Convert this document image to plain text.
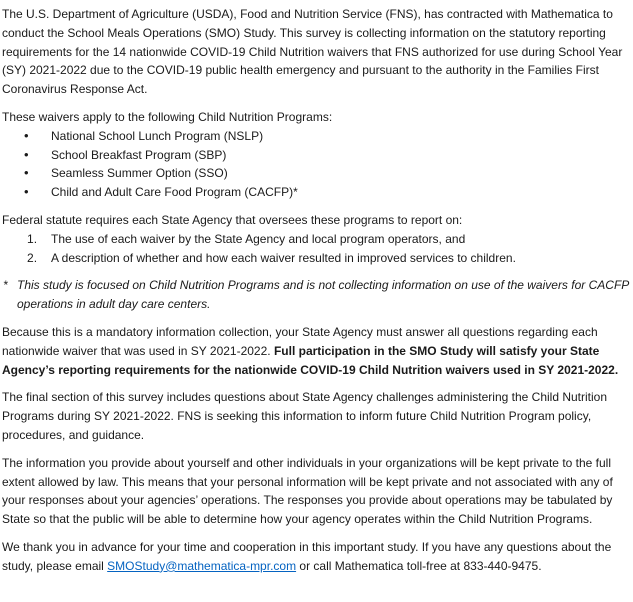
The U.S. Department of Agriculture (USDA), Food and Nutrition Service (FNS), has contracted with Mathematica to conduct the School Meals Operations (SMO) Study. This survey is collecting information on the statutory reporting requirements for the 14 nationwide COVID-19 Child Nutrition waivers that FNS authorized for use during School Year (SY) 2021-2022 due to the COVID-19 public health emergency and pursuant to the authority in the Families First Coronavirus Response Act.

These waivers apply to the following Child Nutrition Programs:

• National School Lunch Program (NSLP)
• School Breakfast Program (SBP)
• Seamless Summer Option (SSO)
• Child and Adult Care Food Program (CACFP)*

Federal statute requires each State Agency that oversees these programs to report on:

The use of each waiver by the State Agency and local program operators, and
A description of whether and how each waiver resulted in improved services to children.
* This study is focused on Child Nutrition Programs and is not collecting information on use of the waivers for CACFP operations in adult day care centers.

Because this is a mandatory information collection, your State Agency must answer all questions regarding each nationwide waiver that was used in SY 2021-2022. Full participation in the SMO Study will satisfy your State Agency’s reporting requirements for the nationwide COVID-19 Child Nutrition waivers used in SY 2021-2022.

The final section of this survey includes questions about State Agency challenges administering the Child Nutrition Programs during SY 2021-2022. FNS is seeking this information to inform future Child Nutrition Program policy, procedures, and guidance.

The information you provide about yourself and other individuals in your organizations will be kept private to the full extent allowed by law. This means that your personal information will be kept private and not associated with any of your responses about your agencies’ operations. The responses you provide about operations may be tabulated by State so that the public will be able to determine how your agency operates within the Child Nutrition Programs.

We thank you in advance for your time and cooperation in this important study. If you have any questions about the study, please email SMOStudy@mathematica-mpr.com or call Mathematica toll-free at 833-440-9475.
